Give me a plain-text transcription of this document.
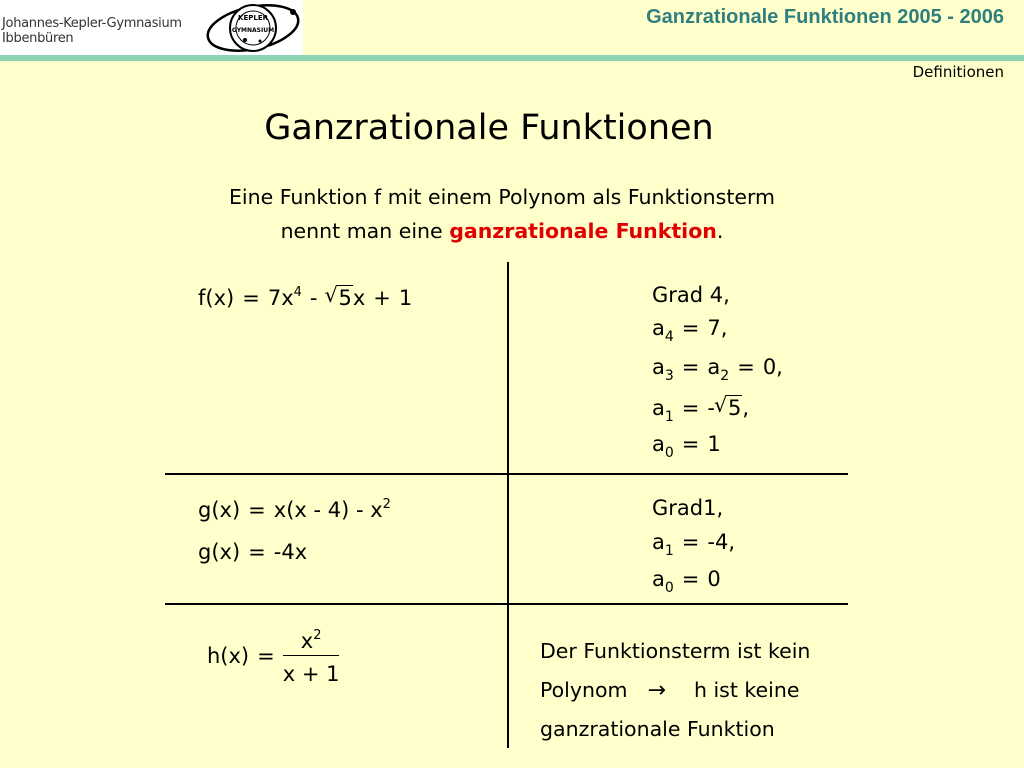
Johannes-Kepler-Gymnasium
Ibbenbüren
KEPLER
GYMNASIUM
Ganzrationale Funktionen 2005 - 2006
Definitionen
Ganzrationale Funktionen
Eine Funktion f mit einem Polynom als Funktionsterm
nennt man eine ganzrationale Funktion.
$f(x) = 7x^4$ - √ 5x + 1	Grad 4,
$a_4 = 7$,
$a_3 = a_2 = 0$,
$a_1$ = - √ 5,
$a_0 = 1$
$g(x) = x(x - 4) - x^2$
g(x) = -4x
Grad1,
$a_1 = -4$,
$a_0 = 0$
$h(x) = \frac{x^2}{x + 1}$	Der Funktionsterm ist kein
Polynom → h ist keine
ganzrationale Funktion
